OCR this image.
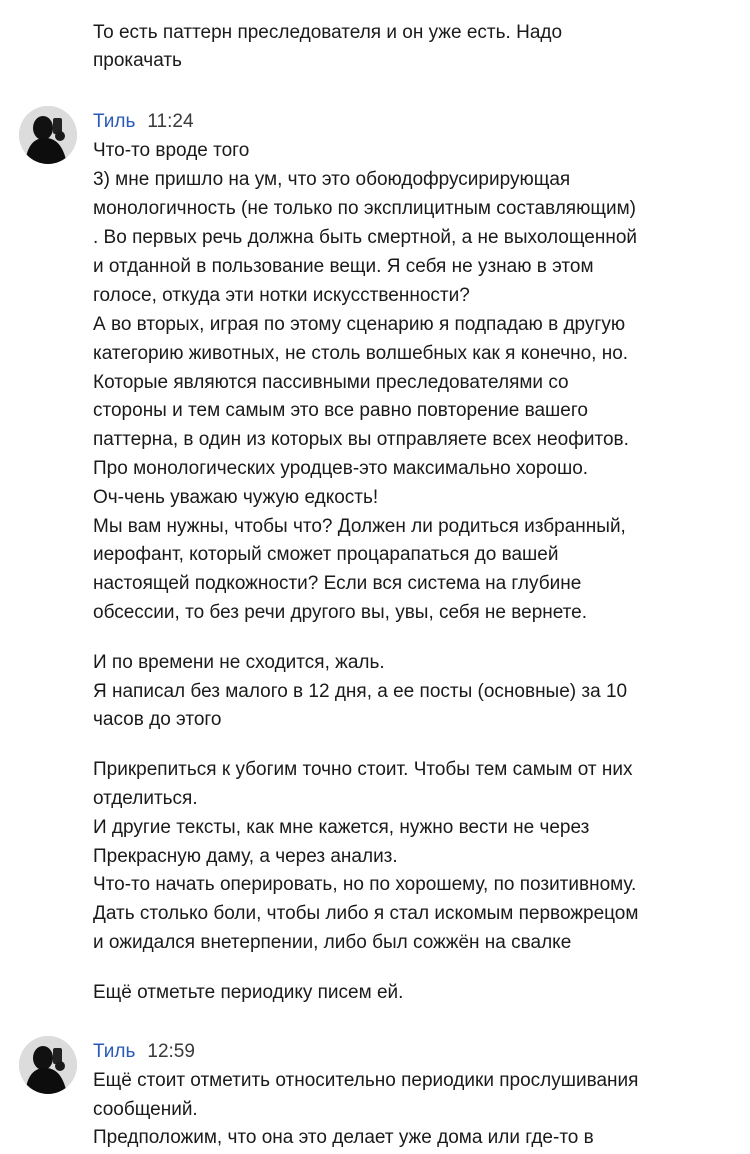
То есть паттерн преследователя и он уже есть. Надо
прокачать
Тиль 11:24
Что-то вроде того
3) мне пришло на ум, что это обоюдофрусирирующая
монологичность (не только по эксплицитным составляющим)
. Во первых речь должна быть смертной, а не выхолощенной
и отданной в пользование вещи. Я себя не узнаю в этом
голосе, откуда эти нотки искусственности?
А во вторых, играя по этому сценарию я подпадаю в другую
категорию животных, не столь волшебных как я конечно, но.
Которые являются пассивными преследователями со
стороны и тем самым это все равно повторение вашего
паттерна, в один из которых вы отправляете всех неофитов.
Про монологических уродцев-это максимально хорошо.
Оч-чень уважаю чужую едкость!
Мы вам нужны, чтобы что? Должен ли родиться избранный,
иерофант, который сможет процарапаться до вашей
настоящей подкожности? Если вся система на глубине
обсессии, то без речи другого вы, увы, себя не вернете.
И по времени не сходится, жаль.
Я написал без малого в 12 дня, а ее посты (основные) за 10
часов до этого
Прикрепиться к убогим точно стоит. Чтобы тем самым от них
отделиться.
И другие тексты, как мне кажется, нужно вести не через
Прекрасную даму, а через анализ.
Что-то начать оперировать, но по хорошему, по позитивному.
Дать столько боли, чтобы либо я стал искомым первожрецом
и ожидался внетерпении, либо был сожжён на свалке
Ещё отметьте периодику писем ей.
Тиль 12:59
Ещё стоит отметить относительно периодики прослушивания
сообщений.
Предположим, что она это делает уже дома или где-то в
